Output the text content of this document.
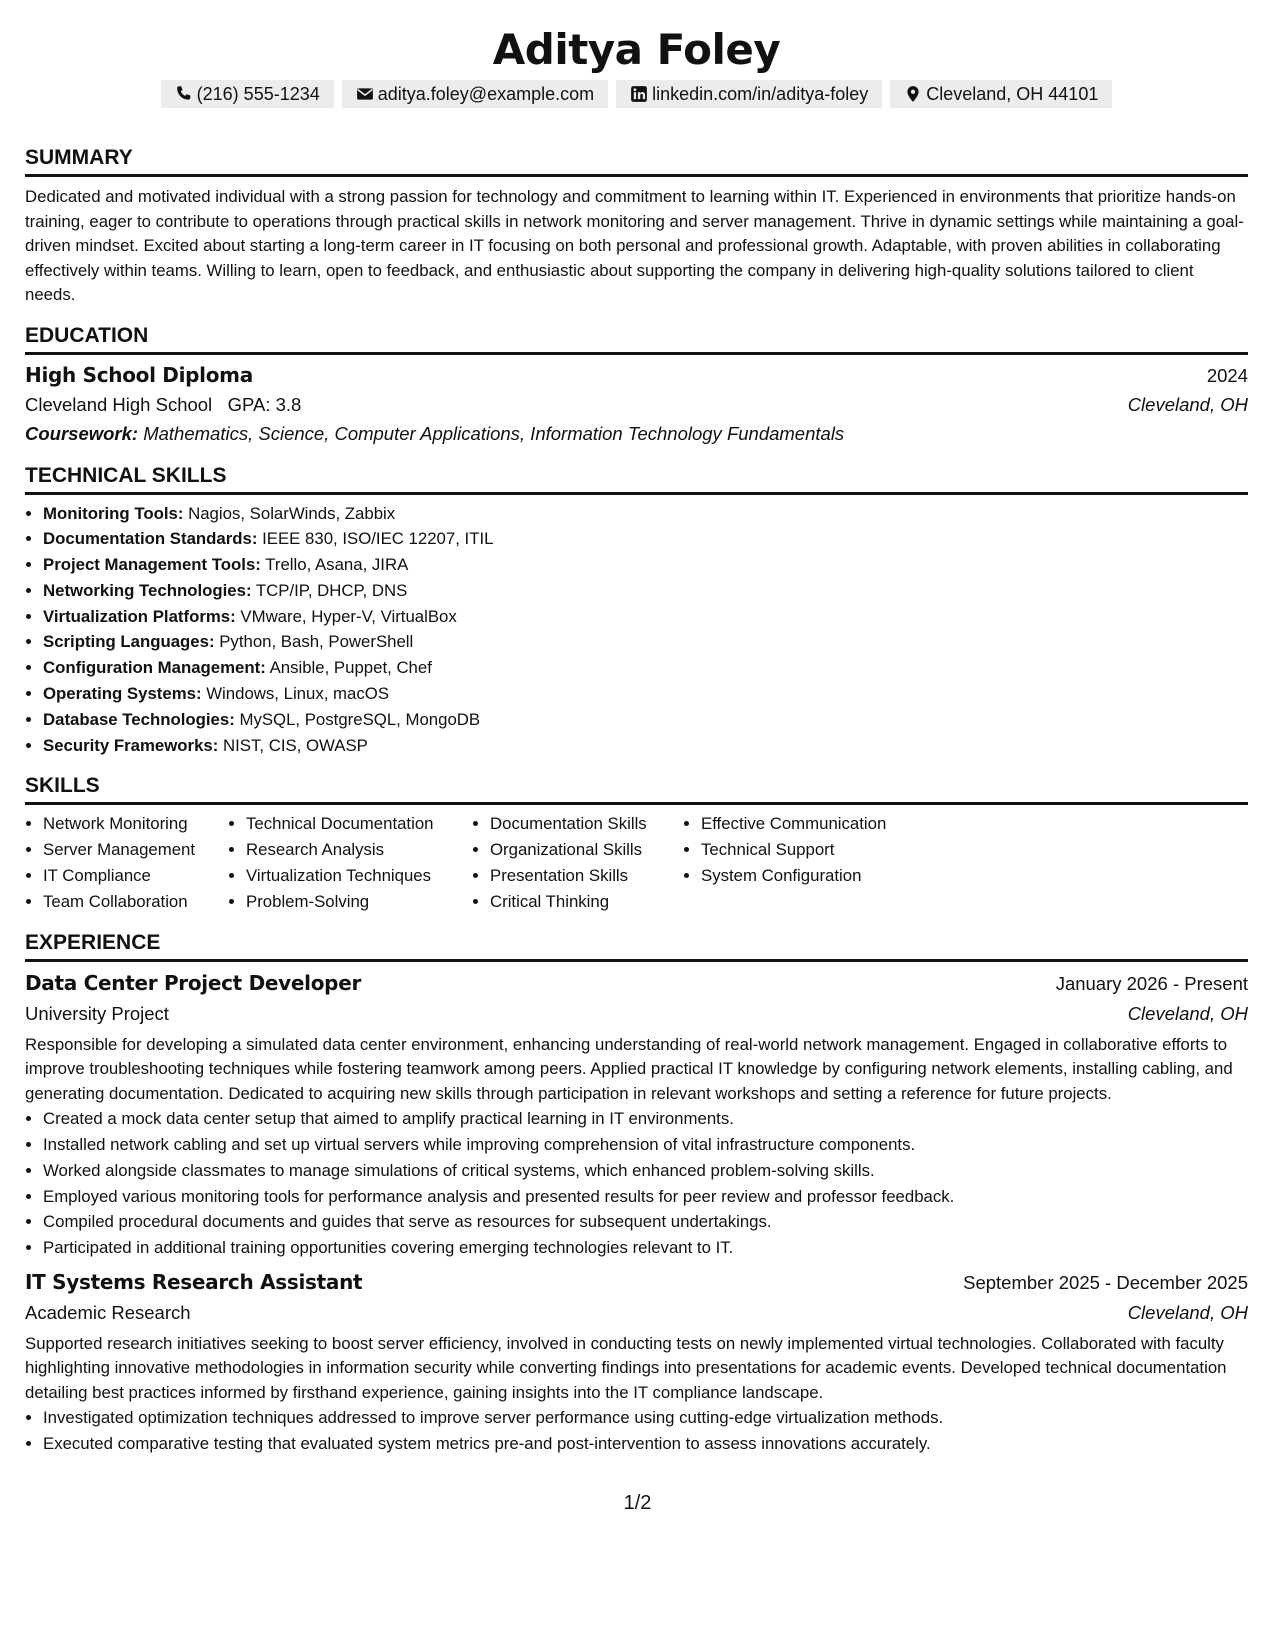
Aditya Foley
(216) 555-1234	aditya.foley@example.com	linkedin.com/in/aditya-foley	Cleveland, OH 44101
SUMMARY
Dedicated and motivated individual with a strong passion for technology and commitment to learning within IT. Experienced in environments that prioritize hands-on training, eager to contribute to operations through practical skills in network monitoring and server management. Thrive in dynamic settings while maintaining a goal-driven mindset. Excited about starting a long-term career in IT focusing on both personal and professional growth. Adaptable, with proven abilities in collaborating effectively within teams. Willing to learn, open to feedback, and enthusiastic about supporting the company in delivering high-quality solutions tailored to client needs.
EDUCATION
High School Diploma	2024
Cleveland High School GPA: 3.8	Cleveland, OH
Coursework: Mathematics, Science, Computer Applications, Information Technology Fundamentals
TECHNICAL SKILLS
• Monitoring Tools: Nagios, SolarWinds, Zabbix
• Documentation Standards: IEEE 830, ISO/IEC 12207, ITIL
• Project Management Tools: Trello, Asana, JIRA
• Networking Technologies: TCP/IP, DHCP, DNS
• Virtualization Platforms: VMware, Hyper-V, VirtualBox
• Scripting Languages: Python, Bash, PowerShell
• Configuration Management: Ansible, Puppet, Chef
• Operating Systems: Windows, Linux, macOS
• Database Technologies: MySQL, PostgreSQL, MongoDB
• Security Frameworks: NIST, CIS, OWASP
SKILLS
• Network Monitoring
• Server Management
• IT Compliance
• Team Collaboration
• Technical Documentation
• Research Analysis
• Virtualization Techniques
• Problem-Solving
• Documentation Skills
• Organizational Skills
• Presentation Skills
• Critical Thinking
• Effective Communication
• Technical Support
• System Configuration
EXPERIENCE
Data Center Project Developer	January 2026 - Present
University Project	Cleveland, OH
Responsible for developing a simulated data center environment, enhancing understanding of real-world network management. Engaged in collaborative efforts to improve troubleshooting techniques while fostering teamwork among peers. Applied practical IT knowledge by configuring network elements, installing cabling, and generating documentation. Dedicated to acquiring new skills through participation in relevant workshops and setting a reference for future projects.
• Created a mock data center setup that aimed to amplify practical learning in IT environments.
• Installed network cabling and set up virtual servers while improving comprehension of vital infrastructure components.
• Worked alongside classmates to manage simulations of critical systems, which enhanced problem-solving skills.
• Employed various monitoring tools for performance analysis and presented results for peer review and professor feedback.
• Compiled procedural documents and guides that serve as resources for subsequent undertakings.
• Participated in additional training opportunities covering emerging technologies relevant to IT.
IT Systems Research Assistant	September 2025 - December 2025
Academic Research	Cleveland, OH
Supported research initiatives seeking to boost server efficiency, involved in conducting tests on newly implemented virtual technologies. Collaborated with faculty highlighting innovative methodologies in information security while converting findings into presentations for academic events. Developed technical documentation detailing best practices informed by firsthand experience, gaining insights into the IT compliance landscape.
• Investigated optimization techniques addressed to improve server performance using cutting-edge virtualization methods.
• Executed comparative testing that evaluated system metrics pre-and post-intervention to assess innovations accurately.
1/2
